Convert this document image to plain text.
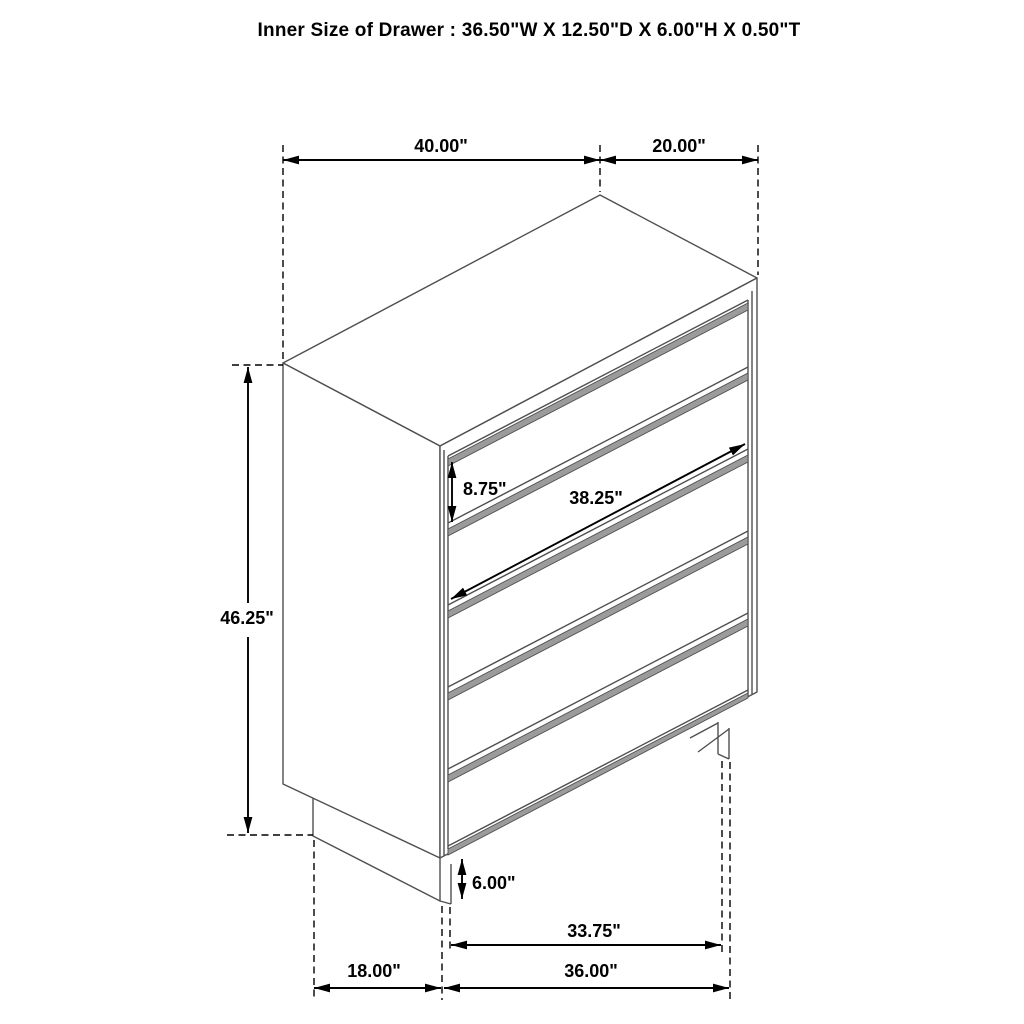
Inner Size of Drawer : 36.50"W X 12.50"D X 6.00"H X 0.50"T
40.00"	20.00"
46.25"
8.75"	38.25"
6.00"
33.75"
18.00"	36.00"
